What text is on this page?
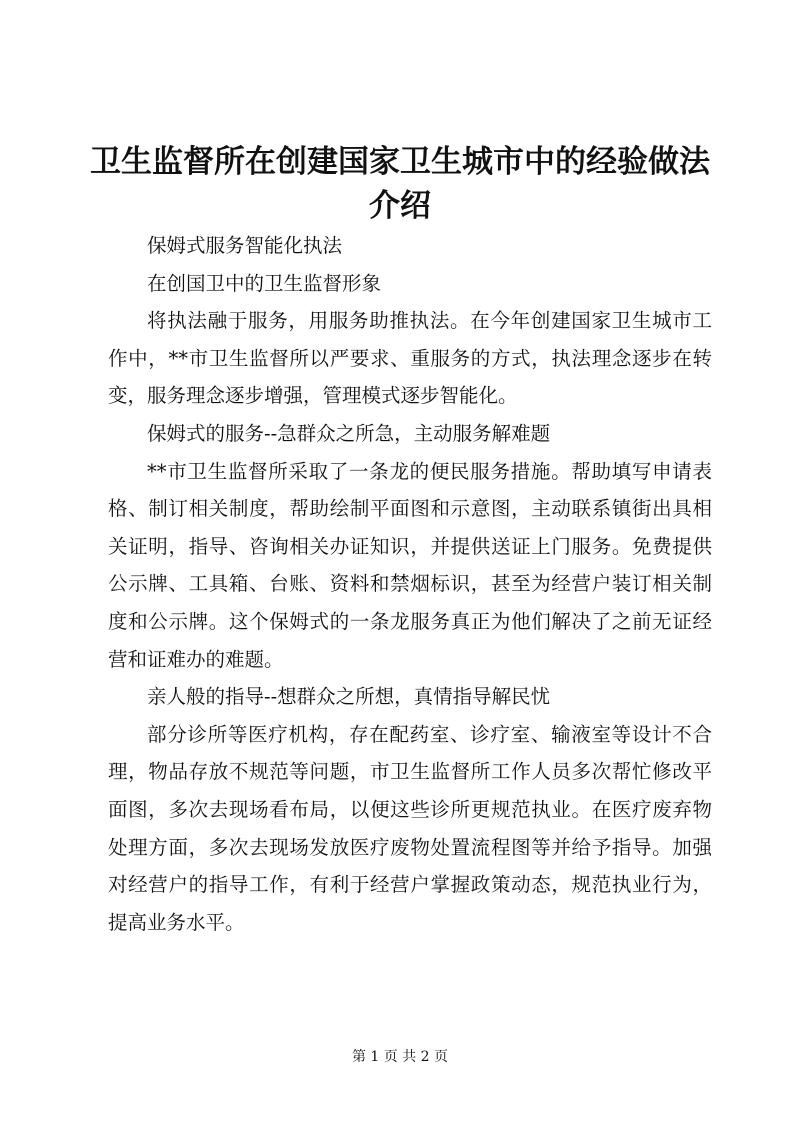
卫生监督所在创建国家卫生城市中的经验做法
介绍

保姆式服务智能化执法

在创国卫中的卫生监督形象

将执法融于服务，用服务助推执法。在今年创建国家卫生城市工作中，**市卫生监督所以严要求、重服务的方式，执法理念逐步在转变，服务理念逐步增强，管理模式逐步智能化。

保姆式的服务--急群众之所急，主动服务解难题

**市卫生监督所采取了一条龙的便民服务措施。帮助填写申请表格、制订相关制度，帮助绘制平面图和示意图，主动联系镇街出具相关证明，指导、咨询相关办证知识，并提供送证上门服务。免费提供公示牌、工具箱、台账、资料和禁烟标识，甚至为经营户装订相关制度和公示牌。这个保姆式的一条龙服务真正为他们解决了之前无证经营和证难办的难题。

亲人般的指导--想群众之所想，真情指导解民忧

部分诊所等医疗机构，存在配药室、诊疗室、输液室等设计不合理，物品存放不规范等问题，市卫生监督所工作人员多次帮忙修改平面图，多次去现场看布局，以便这些诊所更规范执业。在医疗废弃物处理方面，多次去现场发放医疗废物处置流程图等并给予指导。加强对经营户的指导工作，有利于经营户掌握政策动态，规范执业行为，提高业务水平。

第 1 页 共 2 页
